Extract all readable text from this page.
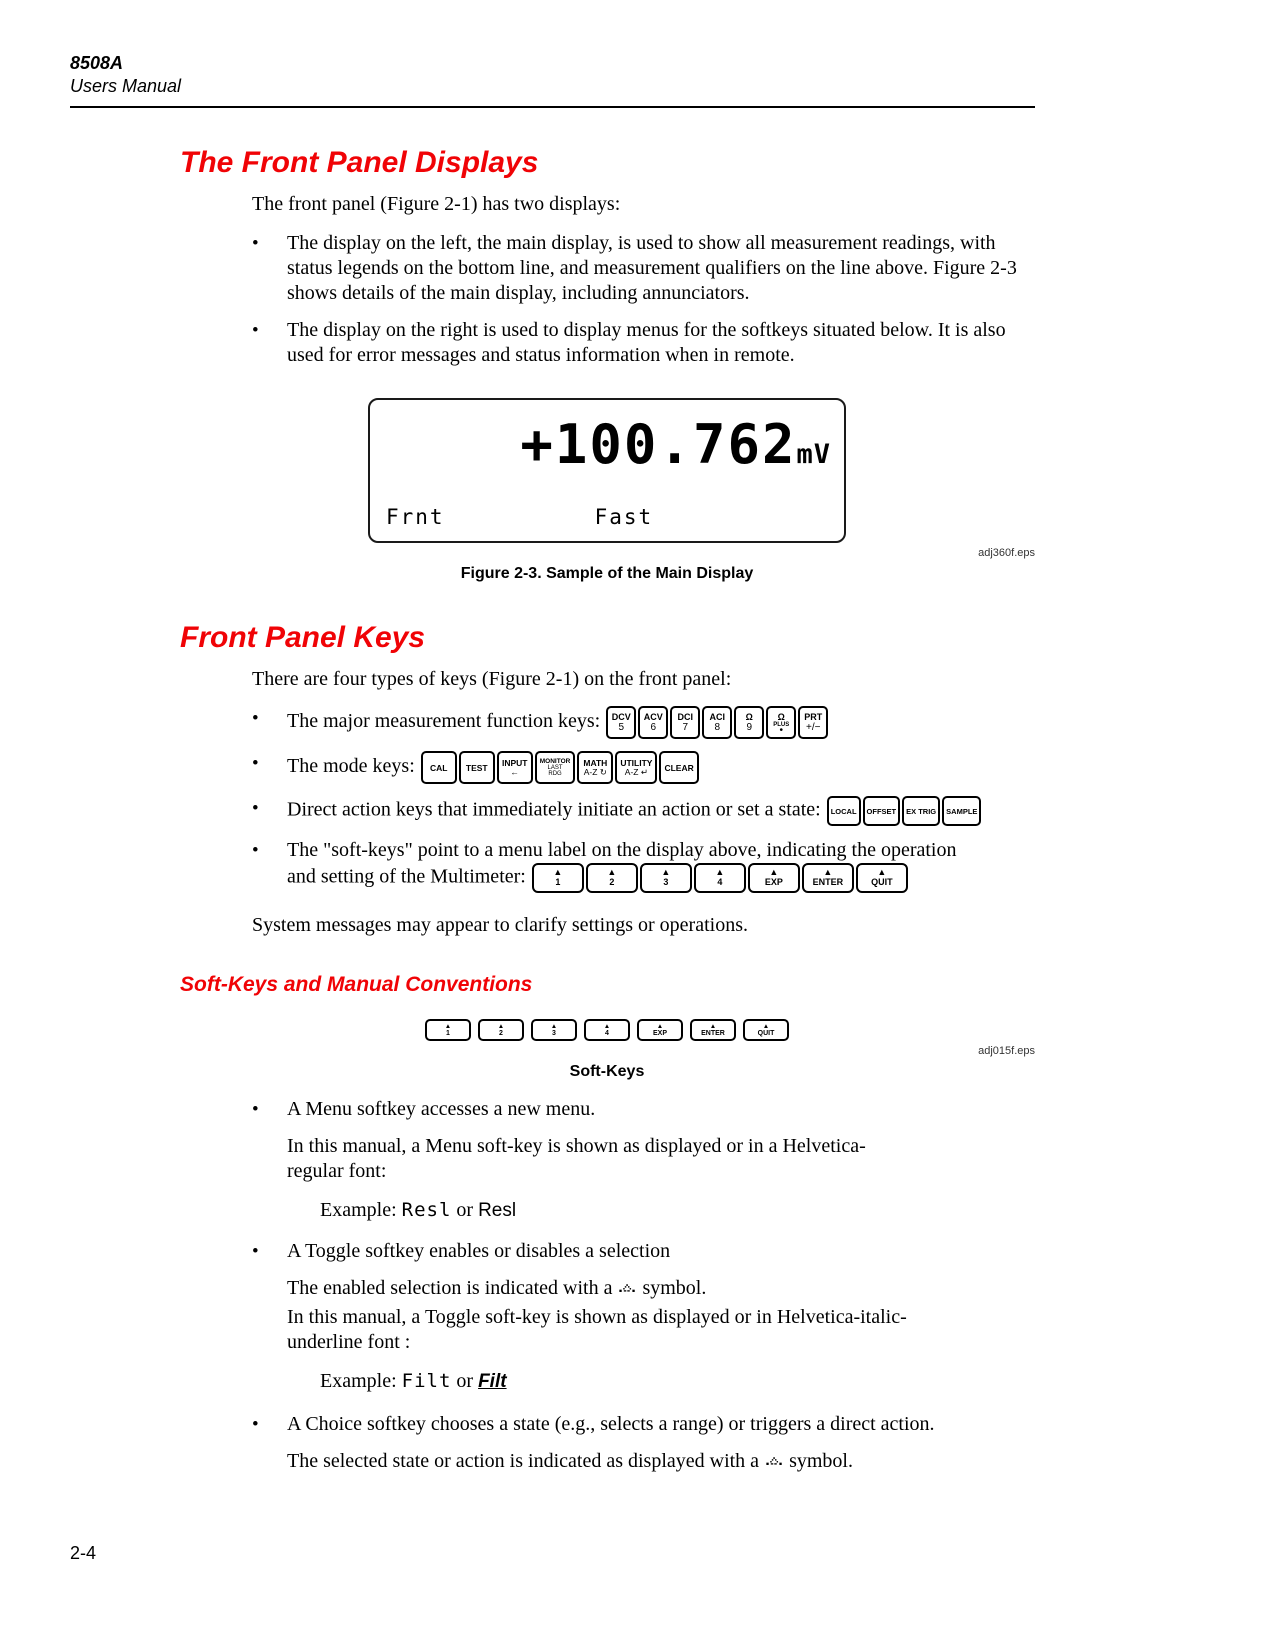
8508A
Users Manual
The Front Panel Displays

The front panel (Figure 2-1) has two displays:

•	The display on the left, the main display, is used to show all measurement readings, with status legends on the bottom line, and measurement qualifiers on the line above. Figure 2-3 shows details of the main display, including annunciators.
•	The display on the right is used to display menus for the softkeys situated below. It is also used for error messages and status information when in remote.
+100.762mV
Frnt	Fast
adj360f.eps
Figure 2-3. Sample of the Main Display
Front Panel Keys

There are four types of keys (Figure 2-1) on the front panel:

•	The major measurement function keys: DCV
5
ACV
6
DCI
7
ACI
8
Ω
9
Ω
PLUS
•
PRT
+/−
•	The mode keys: CAL TEST INPUT
←
MONITOR
LAST
RDG
MATH
A-Z ↻
UTILITY
A-Z ↵ CLEAR
•	Direct action keys that immediately initiate an action or set a state: LOCAL OFFSET EX TRIG SAMPLE
•	The "soft-keys" point to a menu label on the display above, indicating the operation
and setting of the Multimeter:	▲
1
▲
2
▲
3
▲
4
▲
EXP
▲
ENTER
▲
QUIT

System messages may appear to clarify settings or operations.

Soft-Keys and Manual Conventions
▲
1
▲
2
▲
3
▲
4
▲
EXP
▲
ENTER
▲
QUIT
adj015f.eps
Soft-Keys
•	A Menu softkey accesses a new menu.
In this manual, a Menu soft-key is shown as displayed or in a Helvetica-
regular font:
Example: Resl or Resl
•	A Toggle softkey enables or disables a selection
The enabled selection is indicated with a  symbol.
In this manual, a Toggle soft-key is shown as displayed or in Helvetica-italic-
underline font :
Example: Filt or Filt
•	A Choice softkey chooses a state (e.g., selects a range) or triggers a direct action.
The selected state or action is indicated as displayed with a  symbol.
2-4
